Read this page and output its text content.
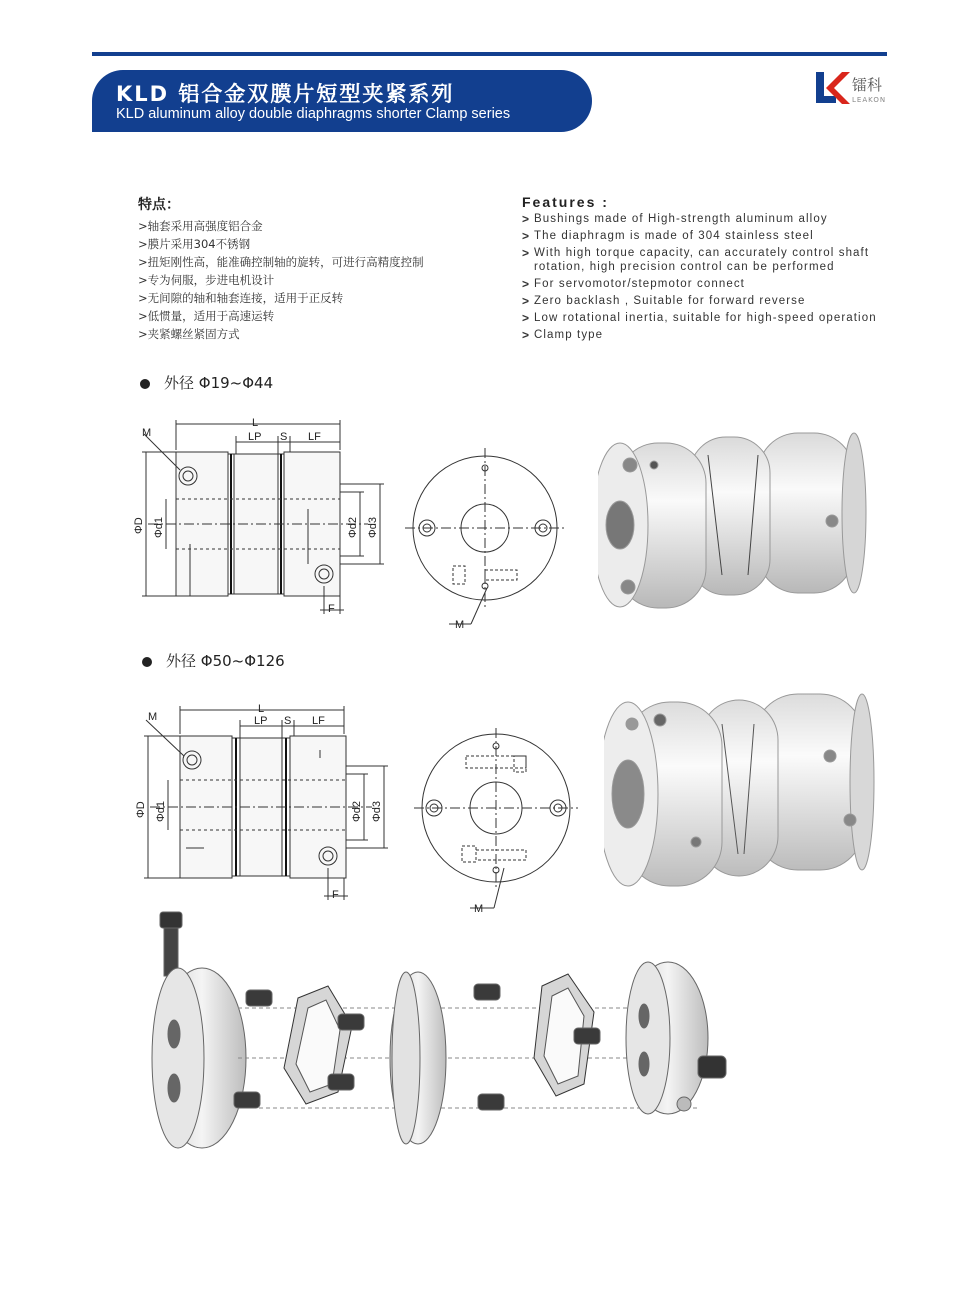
KLD 铝合金双膜片短型夹紧系列
KLD aluminum alloy double diaphragms shorter Clamp series
镭科
LEAKON
特点：
>轴套采用高强度铝合金
>膜片采用304不锈钢
>扭矩刚性高，能准确控制轴的旋转，可进行高精度控制
>专为伺服，步进电机设计
>无间隙的轴和轴套连接，适用于正反转
>低惯量，适用于高速运转
>夹紧螺丝紧固方式
Features :
> Bushings made of High-strength aluminum alloy
> The diaphragm is made of 304 stainless steel
> With high torque capacity, can accurately control shaft rotation, high precision control can be performed
> For servomotor/stepmotor connect
> Zero backlash , Suitable for forward reverse
> Low rotational inertia, suitable for high-speed operation
> Clamp type
外径 Φ19~Φ44
L
LP S LF
M
F
ΦD Φd1	Φd2 Φd3
M
外径 Φ50~Φ126
L
LP S LF
M
F
ΦD Φd1	Φd2 Φd3
M
